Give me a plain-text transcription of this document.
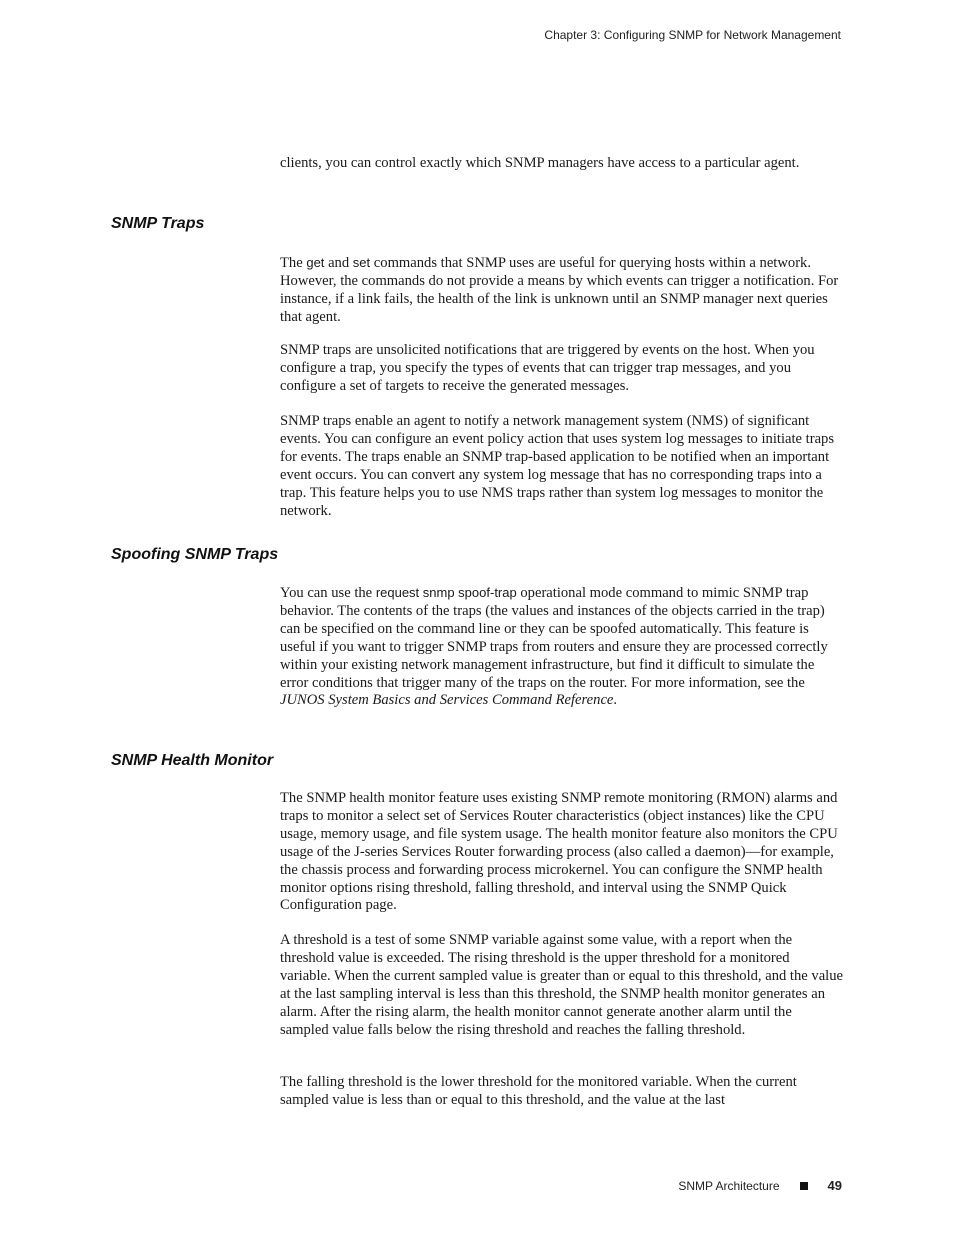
Chapter 3: Configuring SNMP for Network Management

clients, you can control exactly which SNMP managers have access to a particular agent.

SNMP Traps

The get and set commands that SNMP uses are useful for querying hosts within a network. However, the commands do not provide a means by which events can trigger a notification. For instance, if a link fails, the health of the link is unknown until an SNMP manager next queries that agent.

SNMP traps are unsolicited notifications that are triggered by events on the host. When you configure a trap, you specify the types of events that can trigger trap messages, and you configure a set of targets to receive the generated messages.

SNMP traps enable an agent to notify a network management system (NMS) of significant events. You can configure an event policy action that uses system log messages to initiate traps for events. The traps enable an SNMP trap-based application to be notified when an important event occurs. You can convert any system log message that has no corresponding traps into a trap. This feature helps you to use NMS traps rather than system log messages to monitor the network.

Spoofing SNMP Traps

You can use the request snmp spoof-trap operational mode command to mimic SNMP trap behavior. The contents of the traps (the values and instances of the objects carried in the trap) can be specified on the command line or they can be spoofed automatically. This feature is useful if you want to trigger SNMP traps from routers and ensure they are processed correctly within your existing network management infrastructure, but find it difficult to simulate the error conditions that trigger many of the traps on the router. For more information, see the JUNOS System Basics and Services Command Reference.

SNMP Health Monitor

The SNMP health monitor feature uses existing SNMP remote monitoring (RMON) alarms and traps to monitor a select set of Services Router characteristics (object instances) like the CPU usage, memory usage, and file system usage. The health monitor feature also monitors the CPU usage of the J-series Services Router forwarding process (also called a daemon)—for example, the chassis process and forwarding process microkernel. You can configure the SNMP health monitor options rising threshold, falling threshold, and interval using the SNMP Quick Configuration page.

A threshold is a test of some SNMP variable against some value, with a report when the threshold value is exceeded. The rising threshold is the upper threshold for a monitored variable. When the current sampled value is greater than or equal to this threshold, and the value at the last sampling interval is less than this threshold, the SNMP health monitor generates an alarm. After the rising alarm, the health monitor cannot generate another alarm until the sampled value falls below the rising threshold and reaches the falling threshold.

The falling threshold is the lower threshold for the monitored variable. When the current sampled value is less than or equal to this threshold, and the value at the last

SNMP Architecture	49
